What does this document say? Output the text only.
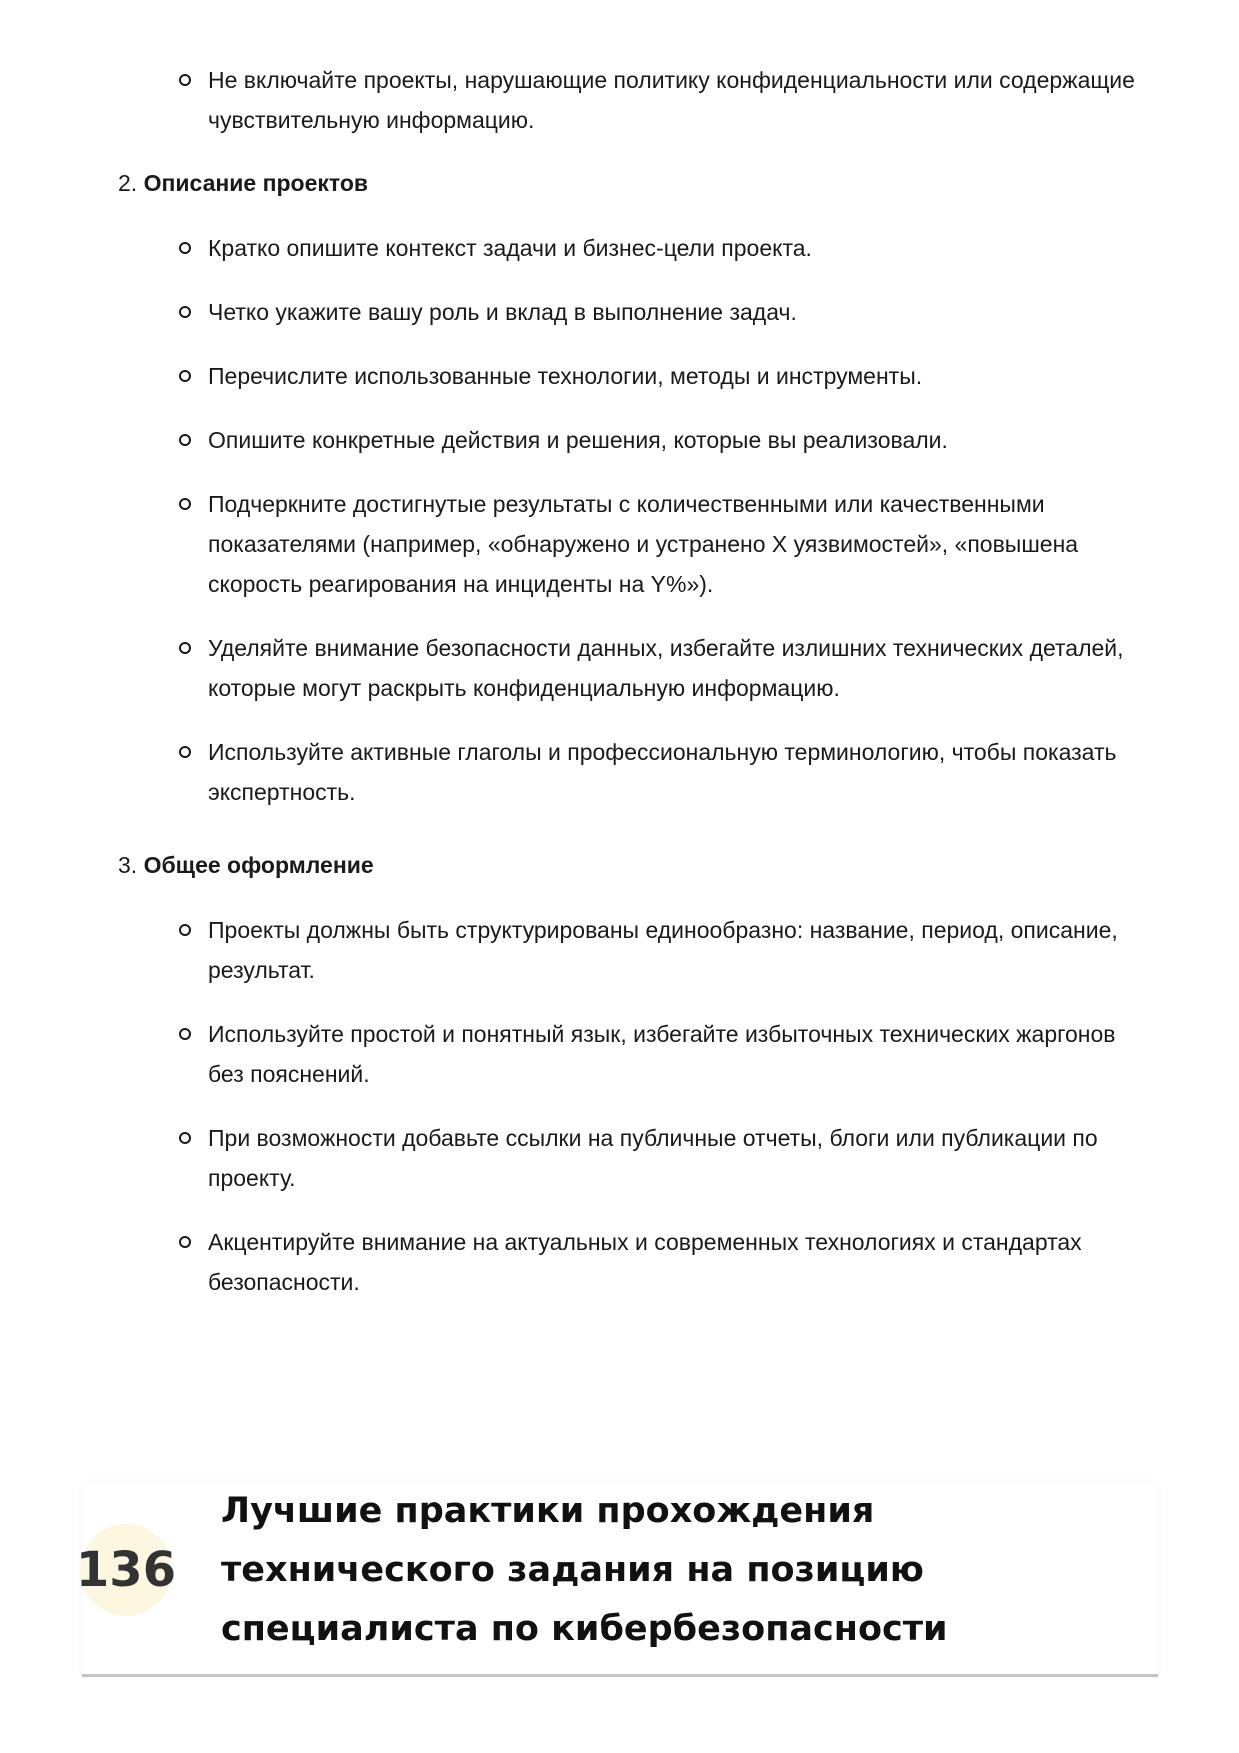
Не включайте проекты, нарушающие политику конфиденциальности или содержащие чувствительную информацию.

2. Описание проектов

Кратко опишите контекст задачи и бизнес-цели проекта.
Четко укажите вашу роль и вклад в выполнение задач.
Перечислите использованные технологии, методы и инструменты.
Опишите конкретные действия и решения, которые вы реализовали.
Подчеркните достигнутые результаты с количественными или качественными показателями (например, «обнаружено и устранено X уязвимостей», «повышена скорость реагирования на инциденты на Y%»).
Уделяйте внимание безопасности данных, избегайте излишних технических деталей, которые могут раскрыть конфиденциальную информацию.
Используйте активные глаголы и профессиональную терминологию, чтобы показать экспертность.

3. Общее оформление

Проекты должны быть структурированы единообразно: название, период, описание, результат.
Используйте простой и понятный язык, избегайте избыточных технических жаргонов без пояснений.
При возможности добавьте ссылки на публичные отчеты, блоги или публикации по проекту.
Акцентируйте внимание на актуальных и современных технологиях и стандартах безопасности.
136
Лучшие практики прохождения технического задания на позицию специалиста по кибербезопасности
